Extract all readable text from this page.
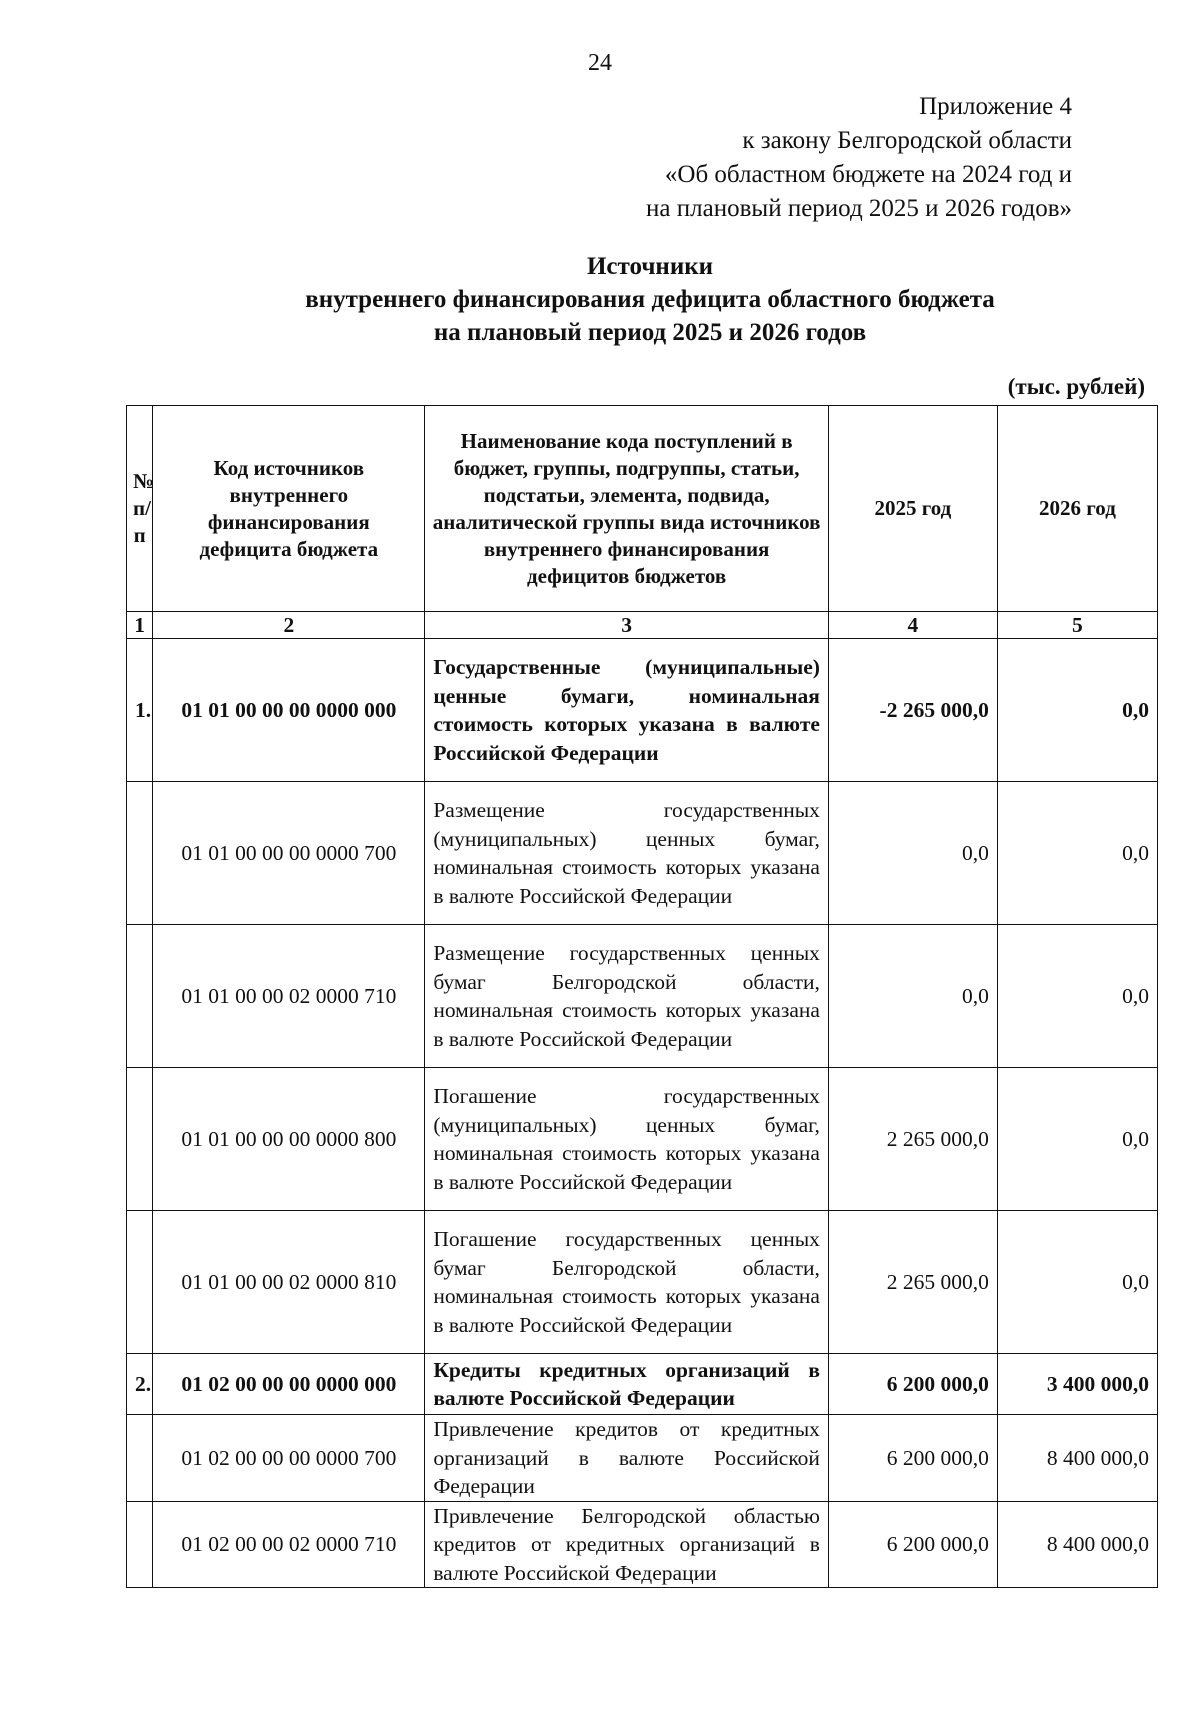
24
Приложение 4
к закону Белгородской области
«Об областном бюджете на 2024 год и
на плановый период 2025 и 2026 годов»
Источники
внутреннего финансирования дефицита областного бюджета
на плановый период 2025 и 2026 годов
(тыс. рублей)
№ п/п	Код источников внутреннего финансирования дефицита бюджета	Наименование кода поступлений в бюджет, группы, подгруппы, статьи, подстатьи, элемента, подвида, аналитической группы вида источников внутреннего финансирования дефицитов бюджетов	2025 год	2026 год
1	2	3	4	5
1.	01 01 00 00 00 0000 000	Государственные (муниципальные) ценные бумаги, номинальная стоимость которых указана в валюте Российской Федерации	-2 265 000,0	0,0
	01 01 00 00 00 0000 700	Размещение государственных (муниципальных) ценных бумаг, номинальная стоимость которых указана в валюте Российской Федерации	0,0	0,0
	01 01 00 00 02 0000 710	Размещение государственных ценных бумаг Белгородской области, номинальная стоимость которых указана в валюте Российской Федерации	0,0	0,0
	01 01 00 00 00 0000 800	Погашение государственных (муниципальных) ценных бумаг, номинальная стоимость которых указана в валюте Российской Федерации	2 265 000,0	0,0
	01 01 00 00 02 0000 810	Погашение государственных ценных бумаг Белгородской области, номинальная стоимость которых указана в валюте Российской Федерации	2 265 000,0	0,0
2.	01 02 00 00 00 0000 000	Кредиты кредитных организаций в валюте Российской Федерации	6 200 000,0	3 400 000,0
	01 02 00 00 00 0000 700	Привлечение кредитов от кредитных организаций в валюте Российской Федерации	6 200 000,0	8 400 000,0
	01 02 00 00 02 0000 710	Привлечение Белгородской областью кредитов от кредитных организаций в валюте Российской Федерации	6 200 000,0	8 400 000,0
